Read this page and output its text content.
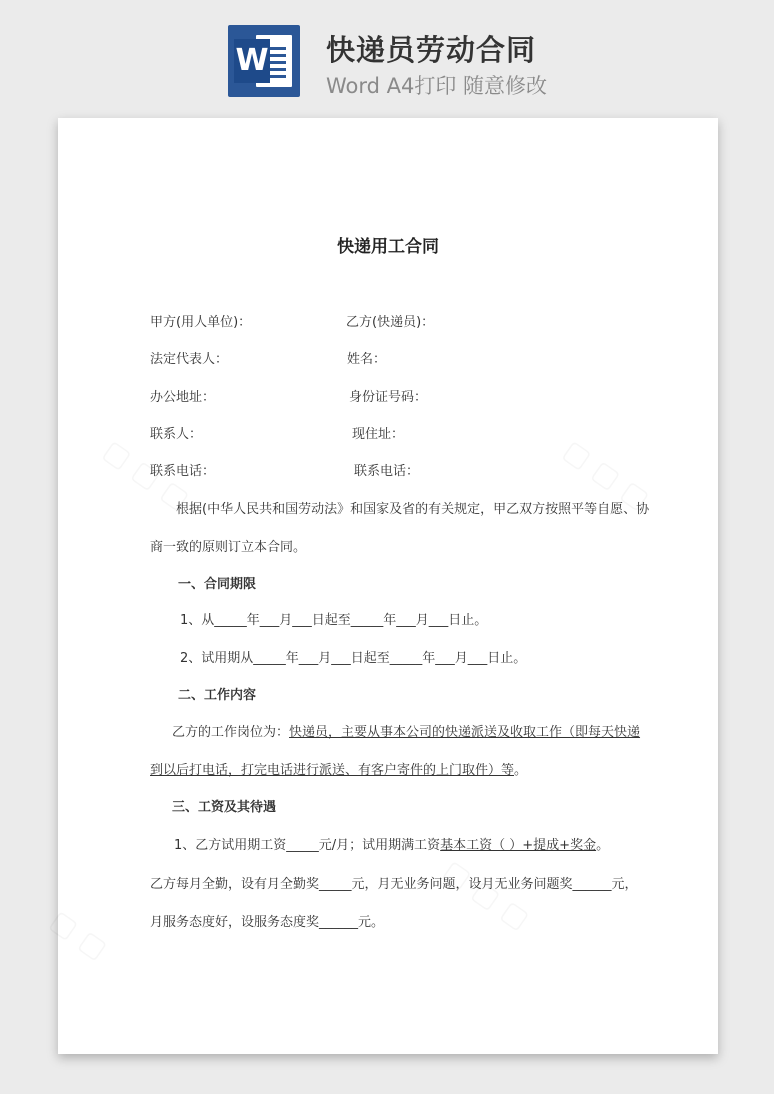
W 快递员劳动合同
Word A4打印 随意修改
快递用工合同
甲方(用人单位)：	乙方(快递员)：
法定代表人：	姓名：
办公地址：	身份证号码：
联系人：	现住址：
联系电话：	联系电话：
根据(中华人民共和国劳动法》和国家及省的有关规定，甲乙双方按照平等自愿、协
商一致的原则订立本合同。
一、合同期限
1、从_____年___月___日起至_____年___月___日止。
2、试用期从_____年___月___日起至_____年___月___日止。
二、工作内容
乙方的工作岗位为：快递员，主要从事本公司的快递派送及收取工作（即每天快递
到以后打电话，打完电话进行派送、有客户寄件的上门取件）等。
三、工资及其待遇
1、乙方试用期工资_____元/月；试用期满工资基本工资（ ）+提成+奖金。
乙方每月全勤，设有月全勤奖_____元，月无业务问题，设月无业务问题奖______元，
月服务态度好，设服务态度奖______元。
